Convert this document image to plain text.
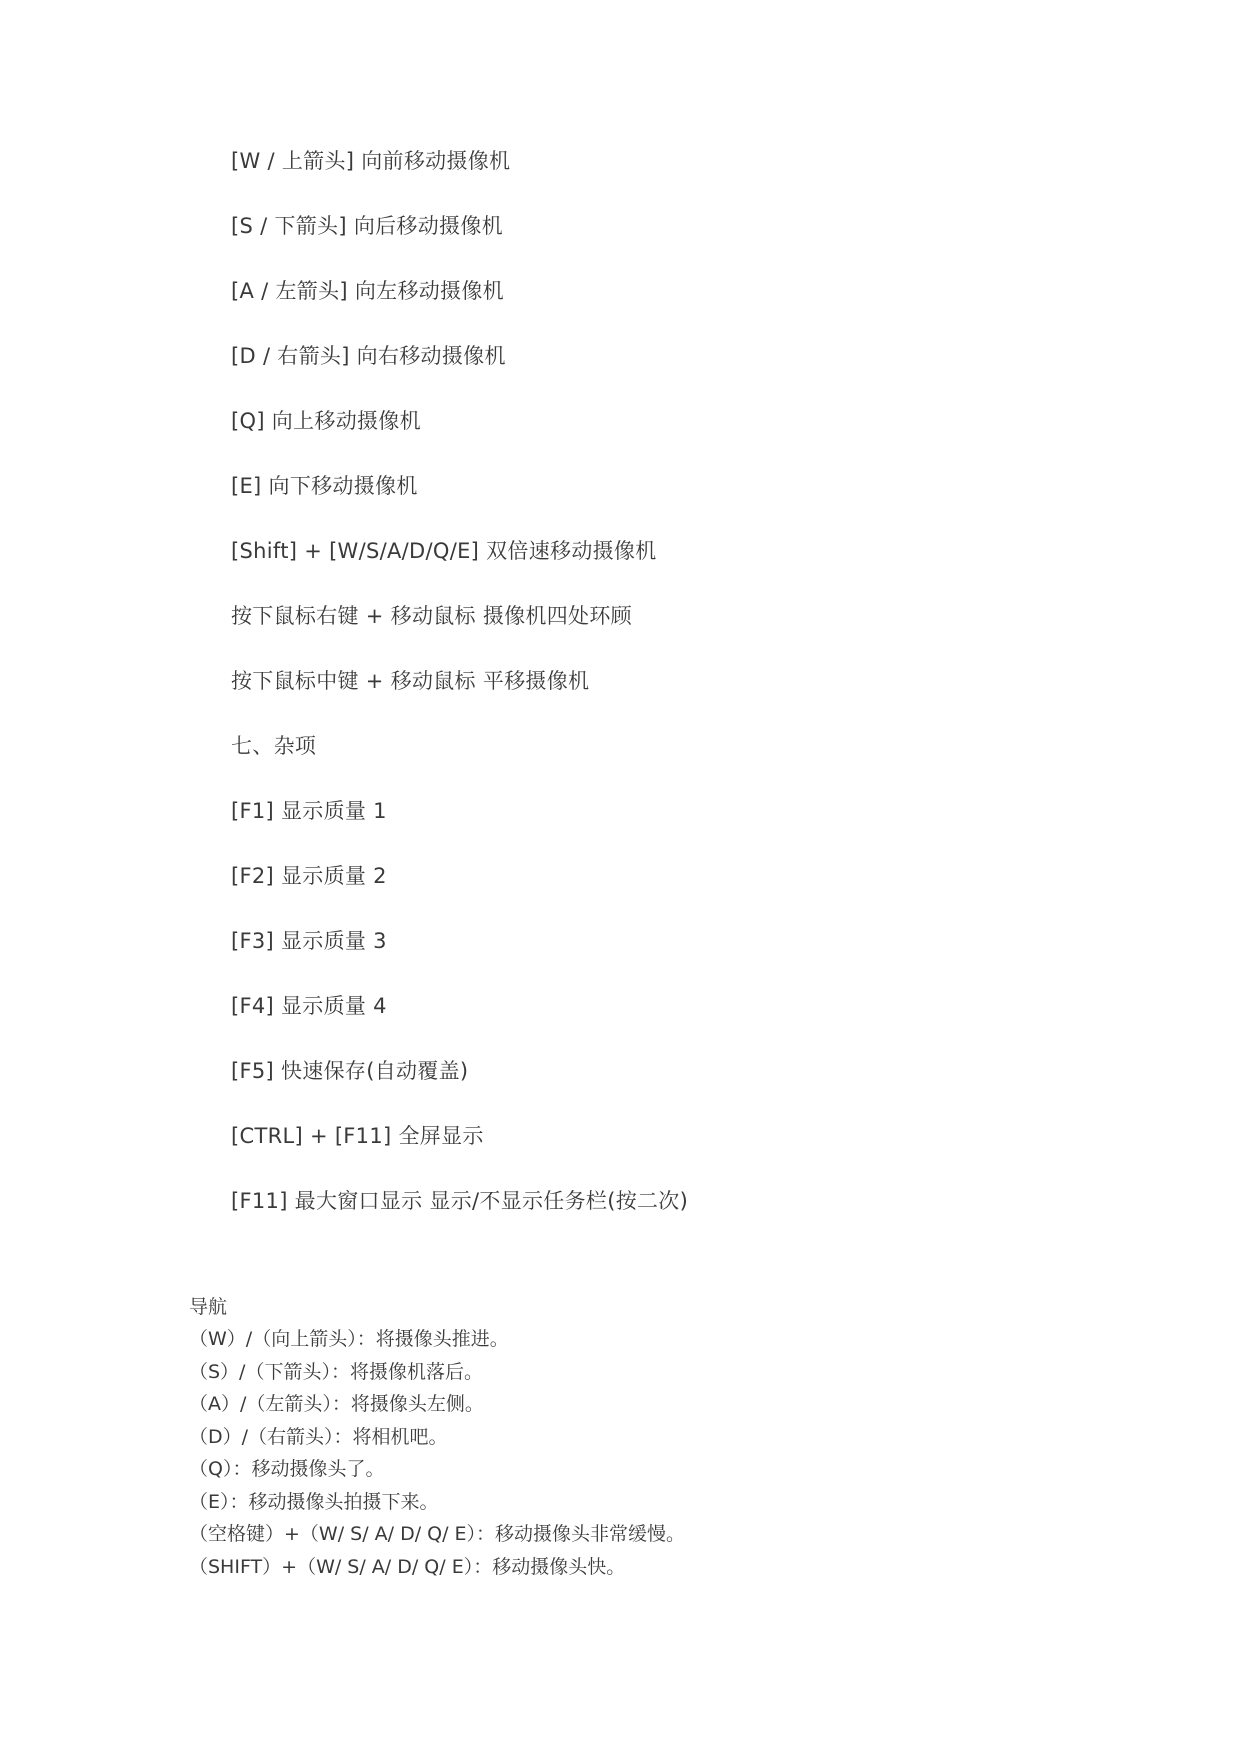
[W / 上箭头] 向前移动摄像机
[S / 下箭头] 向后移动摄像机
[A / 左箭头] 向左移动摄像机
[D / 右箭头] 向右移动摄像机
[Q] 向上移动摄像机
[E] 向下移动摄像机
[Shift] + [W/S/A/D/Q/E] 双倍速移动摄像机
按下鼠标右键 + 移动鼠标 摄像机四处环顾
按下鼠标中键 + 移动鼠标 平移摄像机
七、杂项
[F1] 显示质量 1
[F2] 显示质量 2
[F3] 显示质量 3
[F4] 显示质量 4
[F5] 快速保存(自动覆盖)
[CTRL] + [F11] 全屏显示
[F11] 最大窗口显示 显示/不显示任务栏(按二次)
导航
（W）/（向上箭头）：将摄像头推进。
（S）/（下箭头）：将摄像机落后。
（A）/（左箭头）：将摄像头左侧。
（D）/（右箭头）：将相机吧。
（Q）：移动摄像头了。
（E）：移动摄像头拍摄下来。
（空格键）+（W/ S/ A/ D/ Q/ E）：移动摄像头非常缓慢。
（SHIFT）+（W/ S/ A/ D/ Q/ E）：移动摄像头快。
